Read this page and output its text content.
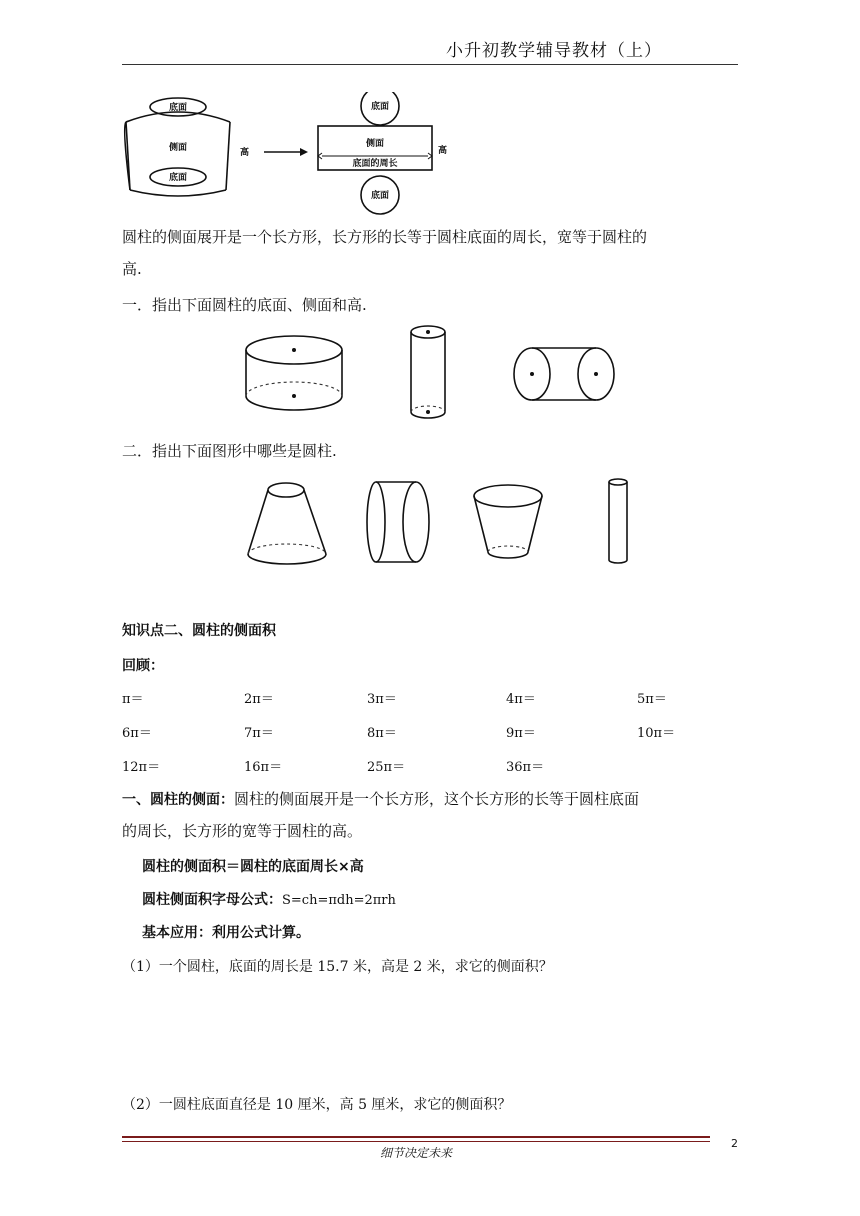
小升初教学辅导教材（上）
底面
侧面
底面
高
底面
侧面
底面的周长
高
底面
圆柱的侧面展开是一个长方形，长方形的长等于圆柱底面的周长，宽等于圆柱的
高.
一．指出下面圆柱的底面、侧面和高.
二．指出下面图形中哪些是圆柱.
知识点二、圆柱的侧面积
回顾：
π＝	2π＝	3π＝	4π＝	5π＝
6π＝	7π＝	8π＝	9π＝	10π＝
12π＝	16π＝	25π＝	36π＝
一、圆柱的侧面：圆柱的侧面展开是一个长方形，这个长方形的长等于圆柱底面
的周长，长方形的宽等于圆柱的高。
圆柱的侧面积＝圆柱的底面周长×高
圆柱侧面积字母公式：S=ch=πdh=2πrh
基本应用：利用公式计算。
（1）一个圆柱，底面的周长是 15.7 米，高是 2 米，求它的侧面积？
（2）一圆柱底面直径是 10 厘米，高 5 厘米，求它的侧面积？
细节决定未来
2
